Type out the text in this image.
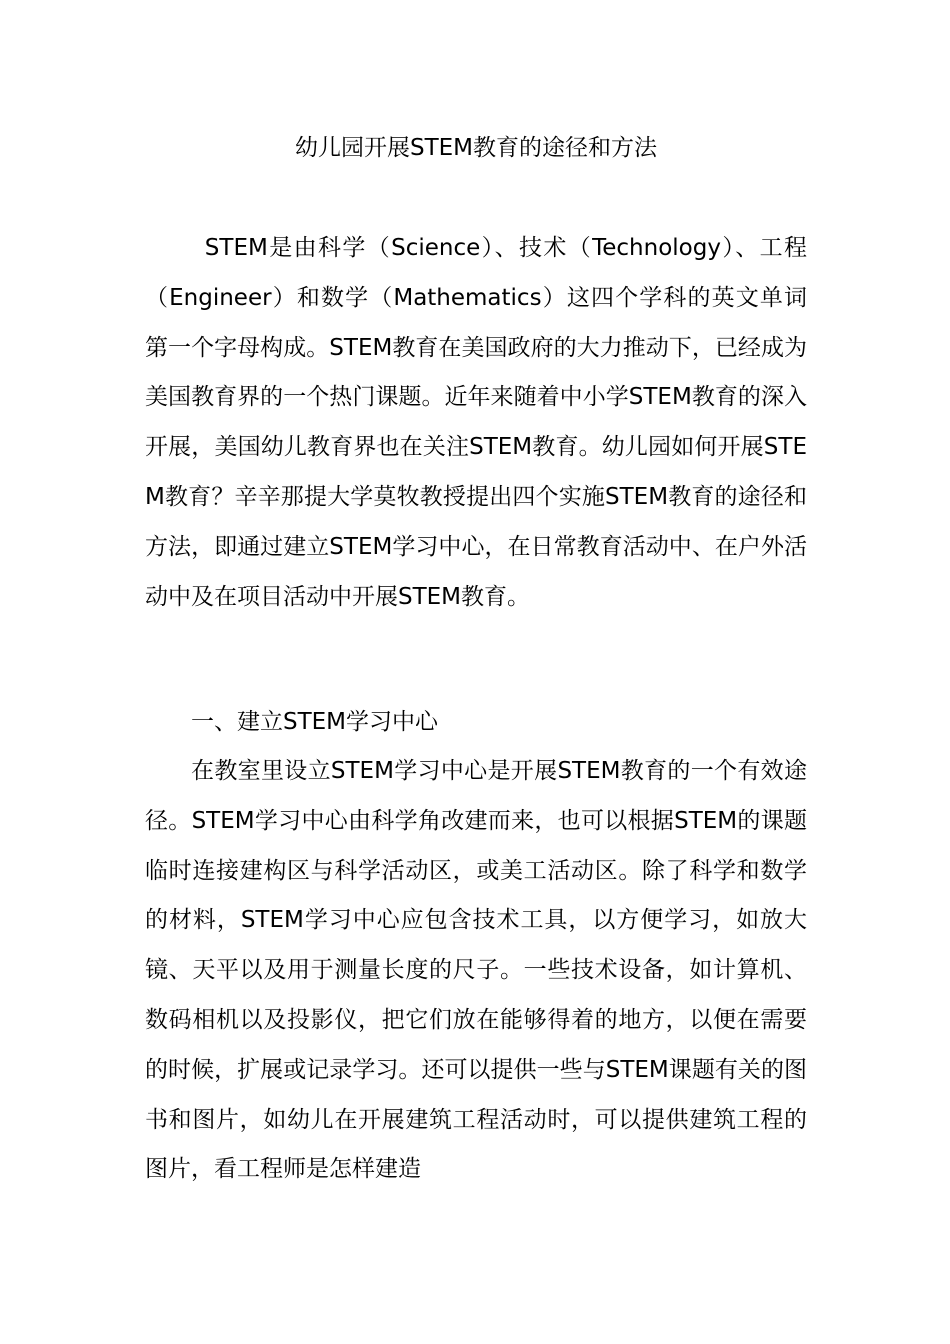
幼儿园开展STEM教育的途径和方法

STEM是由科学（Science）、技术（Technology）、工程（Engineer）和数学（Mathematics）这四个学科的英文单词第一个字母构成。STEM教育在美国政府的大力推动下，已经成为美国教育界的一个热门课题。近年来随着中小学STEM教育的深入开展，美国幼儿教育界也在关注STEM教育。幼儿园如何开展STEM教育？辛辛那提大学莫牧教授提出四个实施STEM教育的途径和方法，即通过建立STEM学习中心，在日常教育活动中、在户外活动中及在项目活动中开展STEM教育。

一、建立STEM学习中心

在教室里设立STEM学习中心是开展STEM教育的一个有效途径。STEM学习中心由科学角改建而来，也可以根据STEM的课题临时连接建构区与科学活动区，或美工活动区。除了科学和数学的材料，STEM学习中心应包含技术工具，以方便学习，如放大镜、天平以及用于测量长度的尺子。一些技术设备，如计算机、数码相机以及投影仪，把它们放在能够得着的地方，以便在需要的时候，扩展或记录学习。还可以提供一些与STEM课题有关的图书和图片，如幼儿在开展建筑工程活动时，可以提供建筑工程的图片，看工程师是怎样建造
